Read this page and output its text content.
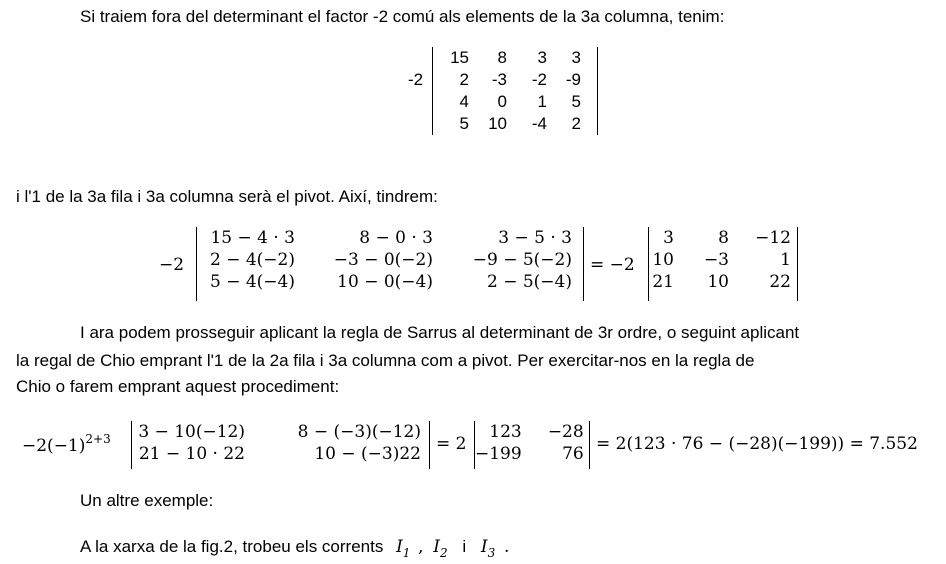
Si traiem fora del determinant el factor -2 comú als elements de la 3a columna, tenim:
-2
15	8	3	3
2	-3	-2	-9
4	0	1	5
5	10	-4	2
i l'1 de la 3a fila i 3a columna serà el pivot. Així, tindrem:
−2
15 − 4 · 3	8 − 0 · 3	3 − 5 · 3
2 − 4(−2)	−3 − 0(−2)	−9 − 5(−2)
5 − 4(−4)	10 − 0(−4)	2 − 5(−4)
= −2
3	8	−12
10	−3	1
21	10	22
I ara podem prosseguir aplicant la regla de Sarrus al determinant de 3r ordre, o seguint aplicant
la regal de Chio emprant l'1 de la 2a fila i 3a columna com a pivot. Per exercitar-nos en la regla de
Chio o farem emprant aquest procediment:
$-2(-1)^{2+3}$ 3 − 10(−12)	8 − (−3)(−12)
21 − 10 · 22	10 − (−3)22 = 2
123	−28
−199	76 = 2(123 · 76 − (−28)(−199)) = 7.552
Un altre exemple:
A la xarxa de la fig.2, trobeu els corrents $I_1$ , $I_2$ i $I_3$ .
